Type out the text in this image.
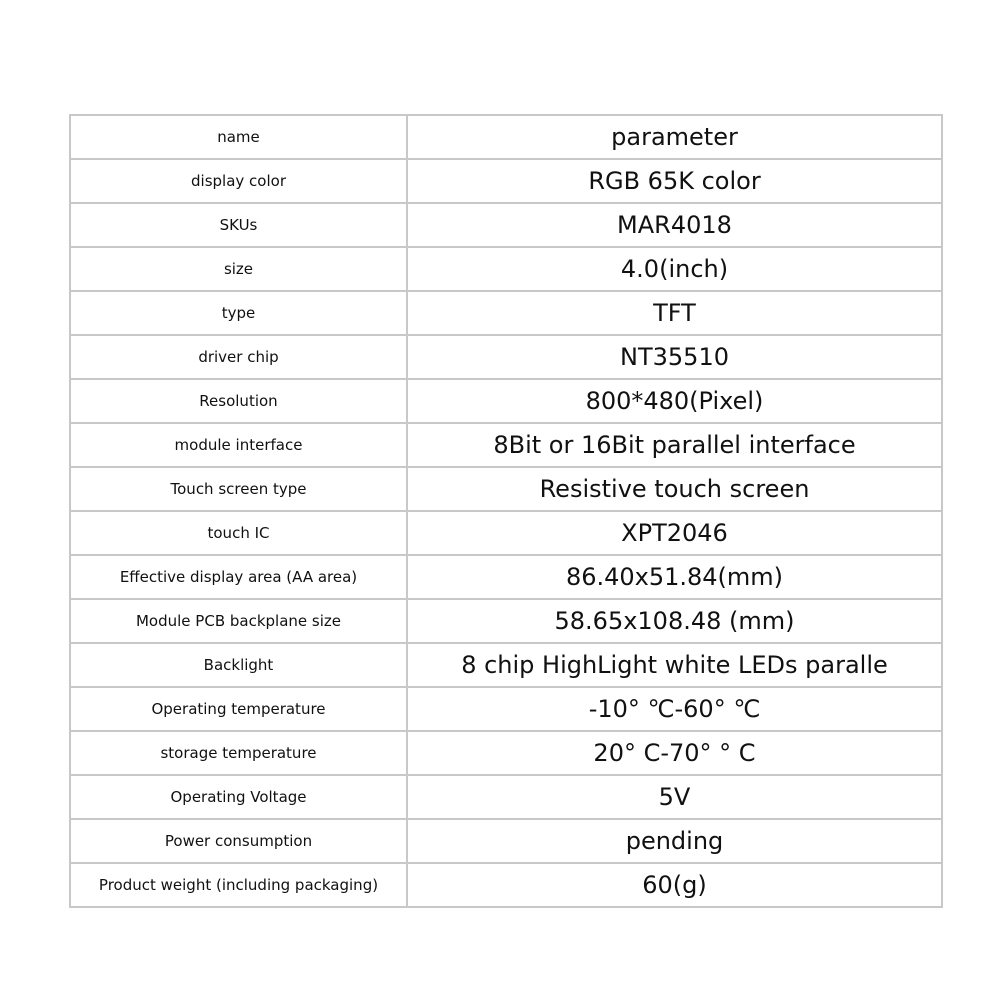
name	parameter
display color	RGB 65K color
SKUs	MAR4018
size	4.0(inch)
type	TFT
driver chip	NT35510
Resolution	800*480(Pixel)
module interface	8Bit or 16Bit parallel interface
Touch screen type	Resistive touch screen
touch IC	XPT2046
Effective display area (AA area)	86.40x51.84(mm)
Module PCB backplane size	58.65x108.48 (mm)
Backlight	8 chip HighLight white LEDs paralle
Operating temperature	-10° ℃-60° ℃
storage temperature	20° C-70° ° C
Operating Voltage	5V
Power consumption	pending
Product weight (including packaging)	60(g)
